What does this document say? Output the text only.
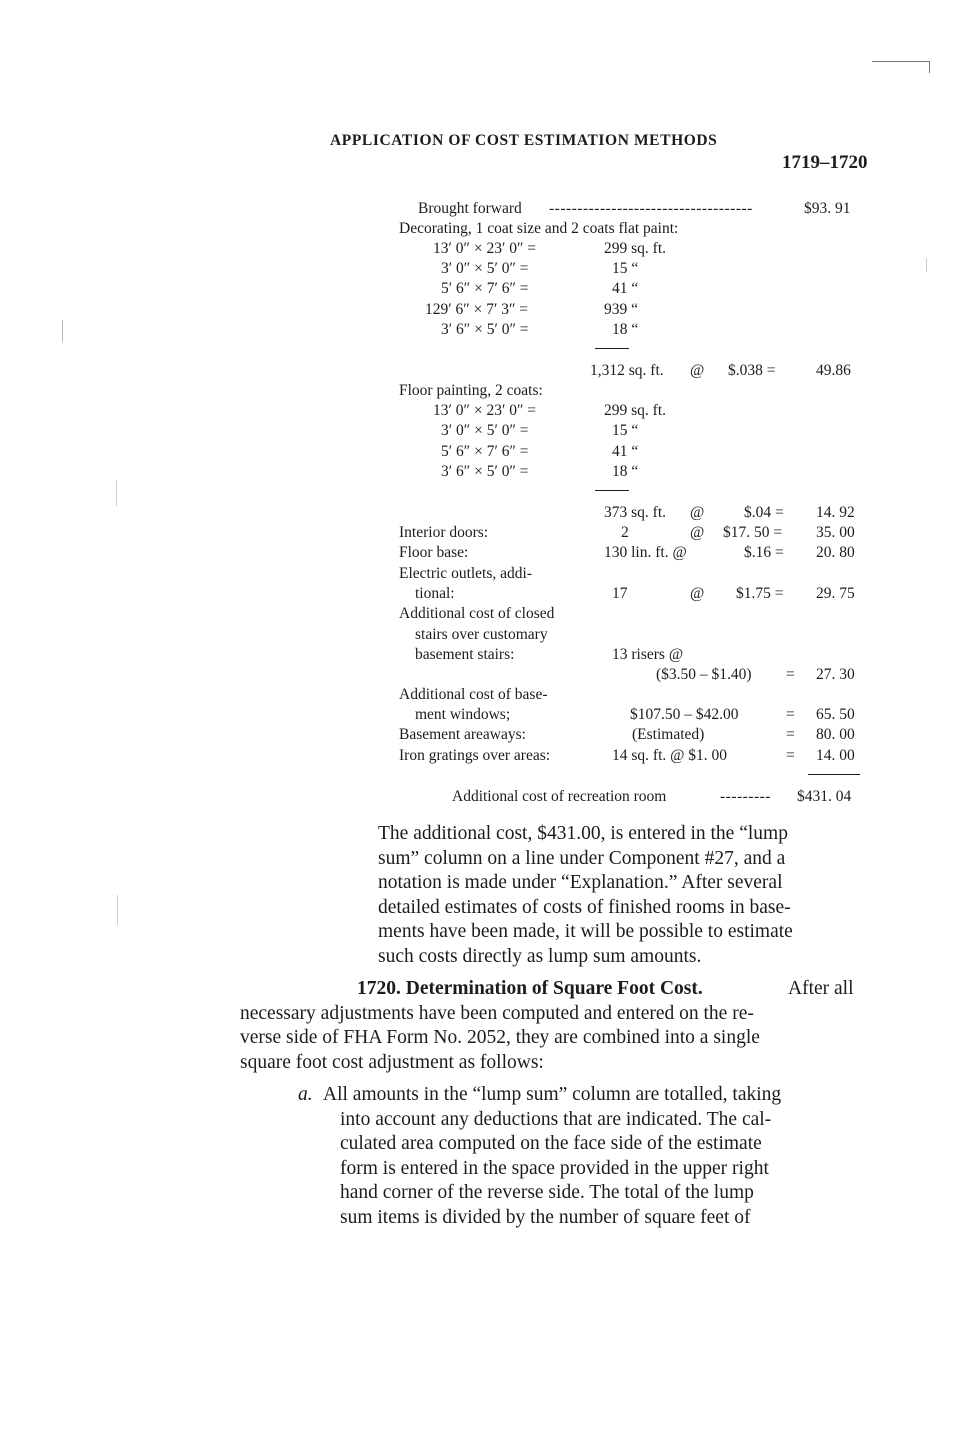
APPLICATION OF COST ESTIMATION METHODS
1719–1720
Brought forward ------------------------------------	$93. 91
Decorating, 1 coat size and 2 coats flat paint:
13′ 0″ × 23′ 0″ =	299 sq. ft.
3′ 0″ × 5′ 0″ =	15 “
5′ 6″ × 7′ 6″ =	41 “
129′ 6″ × 7′ 3″ =	939 “
3′ 6″ × 5′ 0″ =	18 “
1,312 sq. ft. @ $.038 =	49.86
Floor painting, 2 coats:
13′ 0″ × 23′ 0″ =	299 sq. ft.
3′ 0″ × 5′ 0″ =	15 “
5′ 6″ × 7′ 6″ =	41 “
3′ 6″ × 5′ 0″ =	18 “
373 sq. ft. @	$.04 = 14. 92
Interior doors:	2	@ $17. 50 = 35. 00
Floor base:	130 lin. ft. @	$.16 = 20. 80
Electric outlets, addi-
tional:	17	@ $1.75 = 29. 75
Additional cost of closed
stairs over customary
basement stairs:	13 risers @
($3.50 – $1.40) = 27. 30
Additional cost of base-
ment windows;	$107.50 – $42.00	= 65. 50
Basement areaways:	(Estimated)	= 80. 00
Iron gratings over areas:	14 sq. ft. @ $1. 00	= 14. 00
Additional cost of recreation room	--------- $431. 04
The additional cost, $431.00, is entered in the “lump
sum” column on a line under Component #27, and a
notation is made under “Explanation.” After several
detailed estimates of costs of finished rooms in base-
ments have been made, it will be possible to estimate
such costs directly as lump sum amounts.
1720. Determination of Square Foot Cost.	After all
necessary adjustments have been computed and entered on the re-
verse side of FHA Form No. 2052, they are combined into a single
square foot cost adjustment as follows:
a. All amounts in the “lump sum” column are totalled, taking
into account any deductions that are indicated. The cal-
culated area computed on the face side of the estimate
form is entered in the space provided in the upper right
hand corner of the reverse side. The total of the lump
sum items is divided by the number of square feet of
